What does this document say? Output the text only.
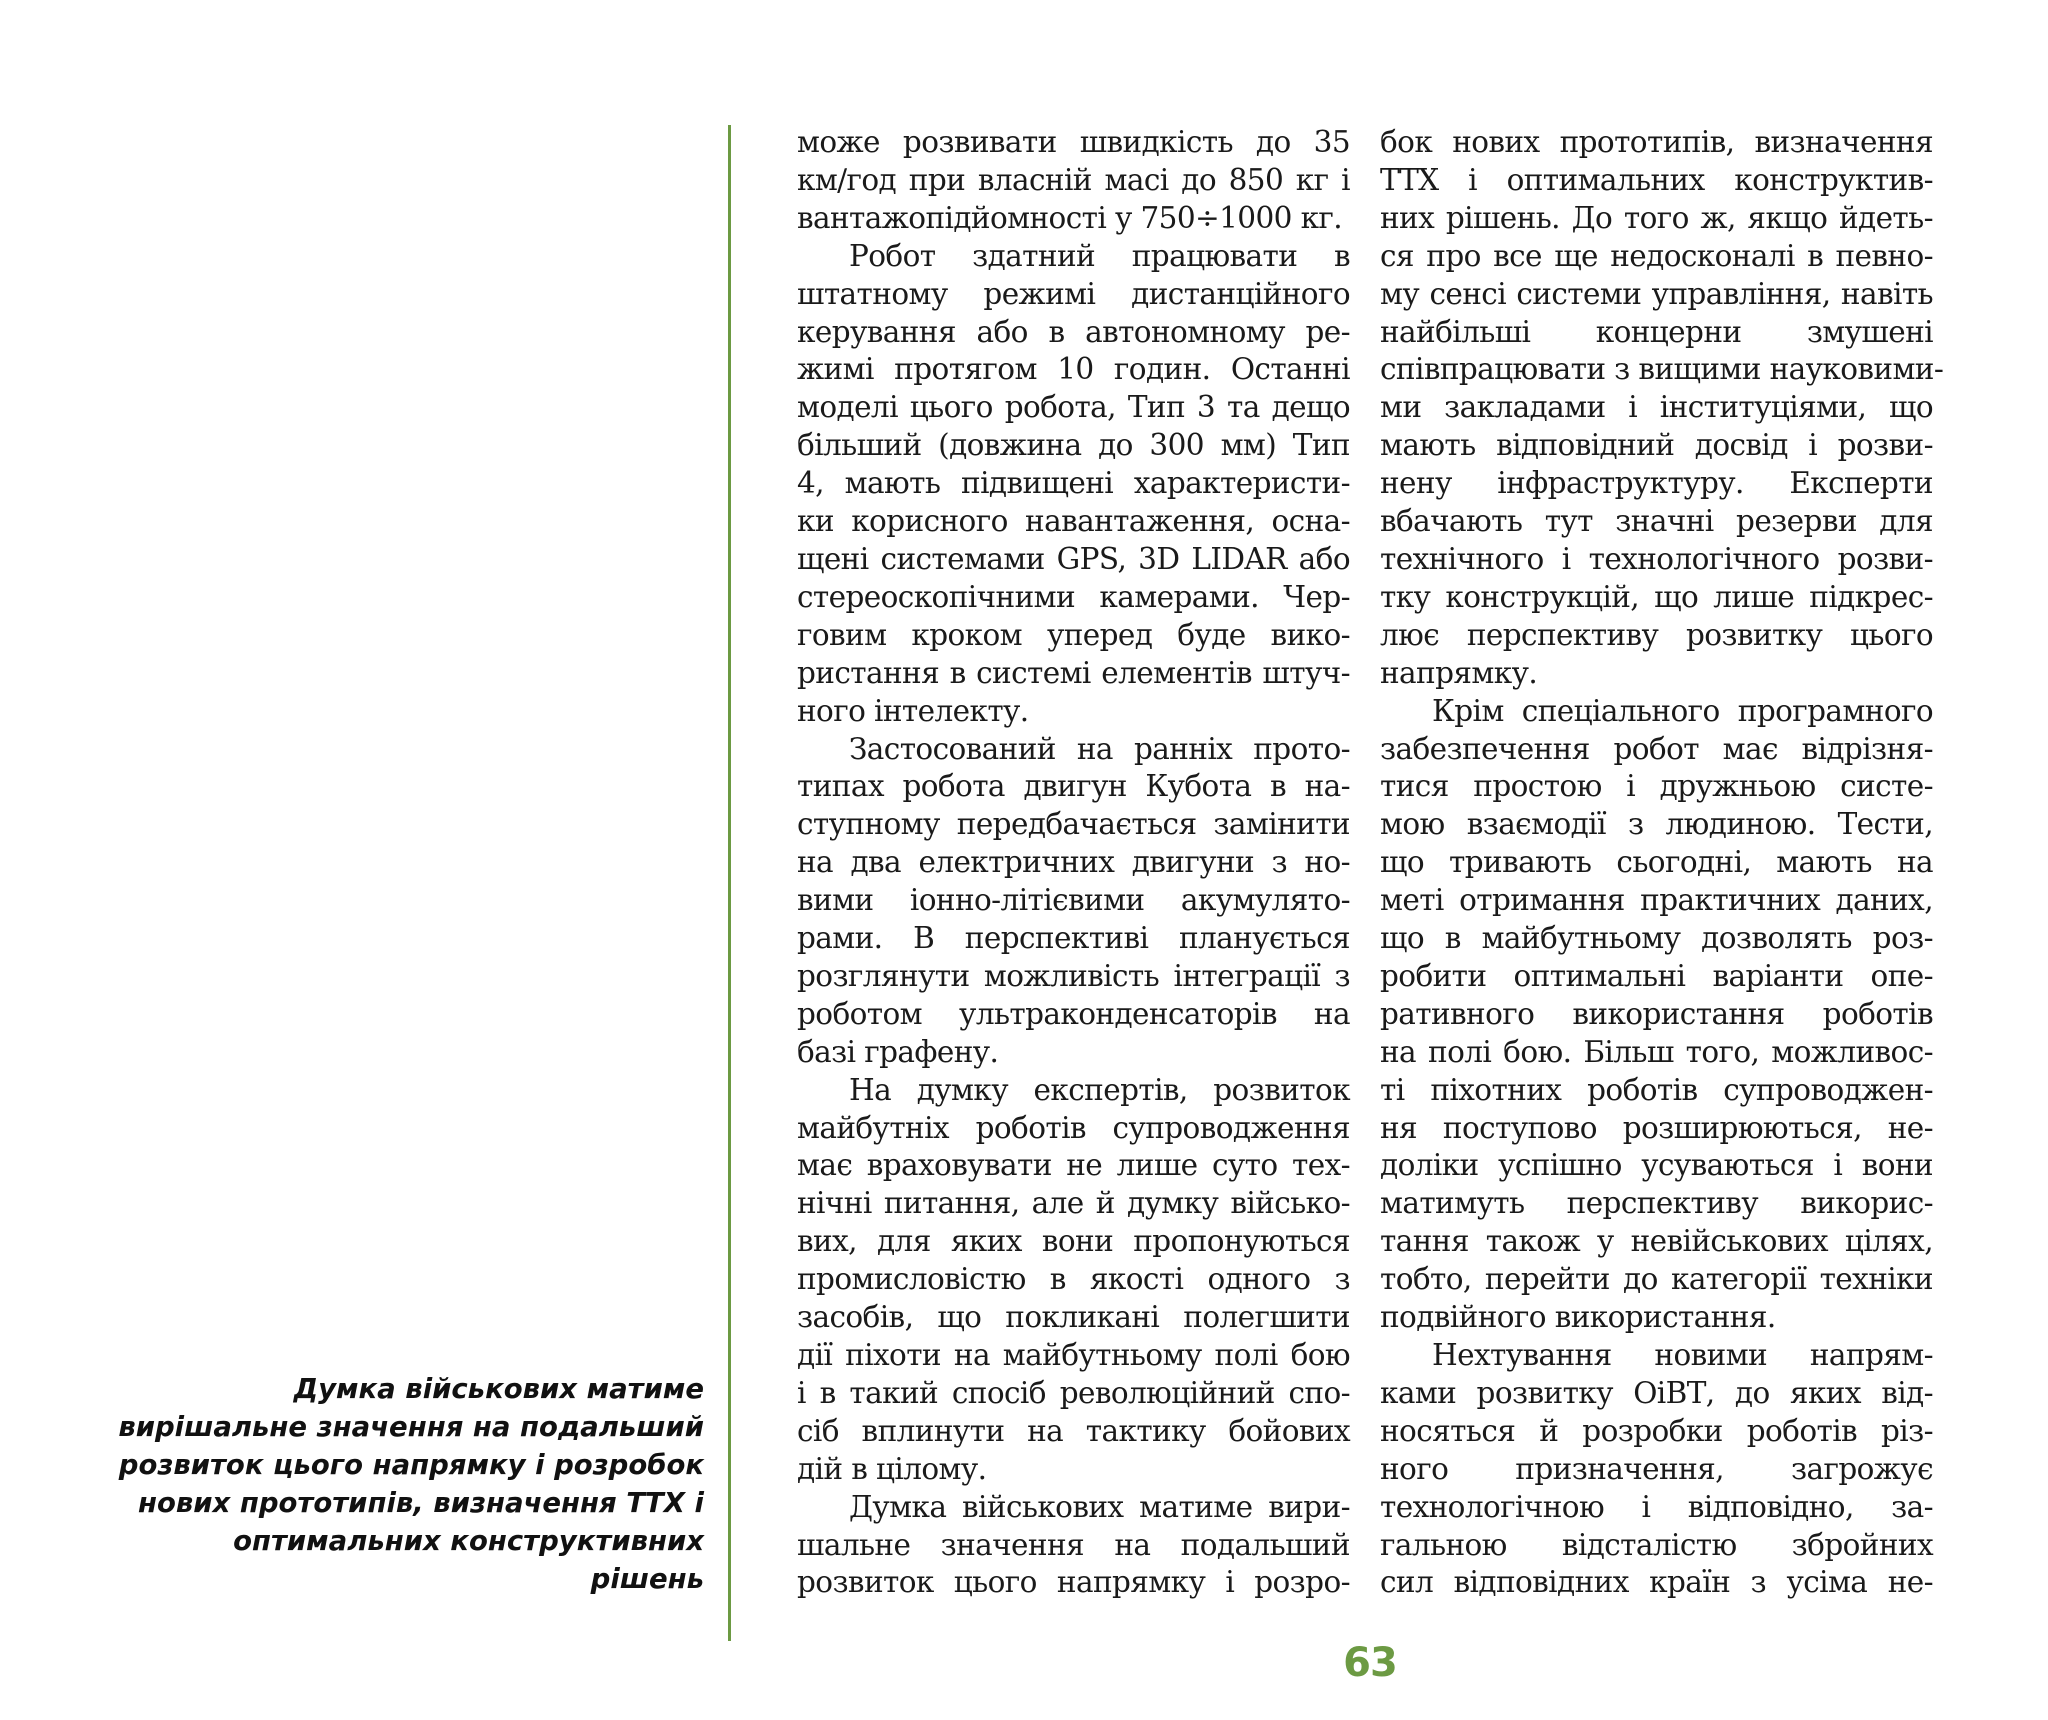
Думка військових матиме
вирішальне значення на подальший
розвиток цього напрямку і розробок
нових прототипів, визначення ТТХ і
оптимальних конструктивних
рішень
може розвивати швидкість до 35
км/год при власній масі до 850 кг і
вантажопідйомності у 750÷1000 кг.
Робот здатний працювати в
штатному режимі дистанційного
керування або в автономному ре-
жимі протягом 10 годин. Останні
моделі цього робота, Тип 3 та дещо
більший (довжина до 300 мм) Тип
4, мають підвищені характеристи-
ки корисного навантаження, осна-
щені системами GPS, 3D LIDAR або
стереоскопічними камерами. Чер-
говим кроком уперед буде вико-
ристання в системі елементів штуч-
ного інтелекту.
Застосований на ранніх прото-
типах робота двигун Кубота в на-
ступному передбачається замінити
на два електричних двигуни з но-
вими іонно-літієвими акумулято-
рами. В перспективі планується
розглянути можливість інтеграції з
роботом ультраконденсаторів на
базі графену.
На думку експертів, розвиток
майбутніх роботів супроводження
має враховувати не лише суто тех-
нічні питання, але й думку військо-
вих, для яких вони пропонуються
промисловістю в якості одного з
засобів, що покликані полегшити
дії піхоти на майбутньому полі бою
і в такий спосіб революційний спо-
сіб вплинути на тактику бойових
дій в цілому.
Думка військових матиме вири-
шальне значення на подальший
розвиток цього напрямку і розро-
бок нових прототипів, визначення
ТТХ і оптимальних конструктив-
них рішень. До того ж, якщо йдеть-
ся про все ще недосконалі в певно-
му сенсі системи управління, навіть
найбільші концерни змушені
співпрацювати з вищими науковими-
ми закладами і інституціями, що
мають відповідний досвід і розви-
нену інфраструктуру. Експерти
вбачають тут значні резерви для
технічного і технологічного розви-
тку конструкцій, що лише підкрес-
лює перспективу розвитку цього
напрямку.
Крім спеціального програмного
забезпечення робот має відрізня-
тися простою і дружньою систе-
мою взаємодії з людиною. Тести,
що тривають сьогодні, мають на
меті отримання практичних даних,
що в майбутньому дозволять роз-
робити оптимальні варіанти опе-
ративного використання роботів
на полі бою. Більш того, можливос-
ті піхотних роботів супроводжен-
ня поступово розширюються, не-
доліки успішно усуваються і вони
матимуть перспективу викорис-
тання також у невійськових цілях,
тобто, перейти до категорії техніки
подвійного використання.
Нехтування новими напрям-
ками розвитку ОіВТ, до яких від-
носяться й розробки роботів різ-
ного призначення, загрожує
технологічною і відповідно, за-
гальною відсталістю збройних
сил відповідних країн з усіма не-
63
